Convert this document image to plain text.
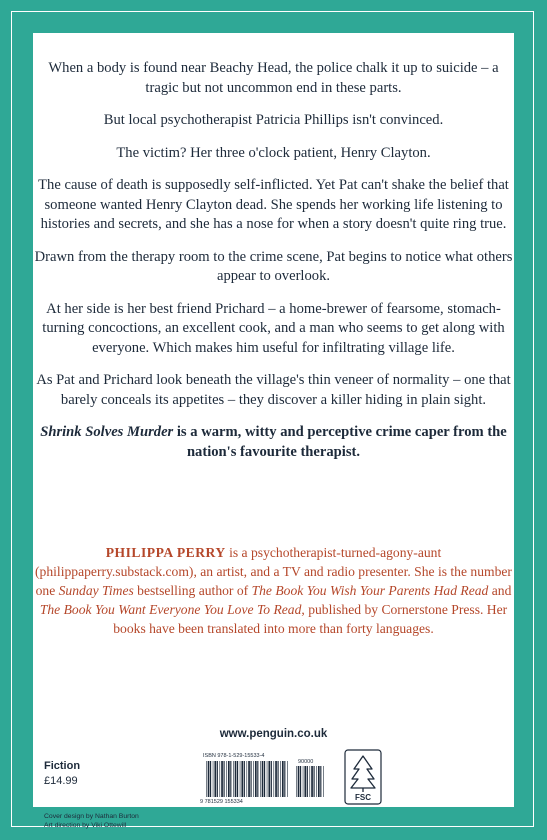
When a body is found near Beachy Head, the police chalk it up to suicide – a tragic but not uncommon end in these parts.

But local psychotherapist Patricia Phillips isn't convinced.

The victim? Her three o'clock patient, Henry Clayton.

The cause of death is supposedly self-inflicted. Yet Pat can't shake the belief that someone wanted Henry Clayton dead. She spends her working life listening to histories and secrets, and she has a nose for when a story doesn't quite ring true.

Drawn from the therapy room to the crime scene, Pat begins to notice what others appear to overlook.

At her side is her best friend Prichard – a home-brewer of fearsome, stomach-turning concoctions, an excellent cook, and a man who seems to get along with everyone. Which makes him useful for infiltrating village life.

As Pat and Prichard look beneath the village's thin veneer of normality – one that barely conceals its appetites – they discover a killer hiding in plain sight.

Shrink Solves Murder is a warm, witty and perceptive crime caper from the nation's favourite therapist.

PHILIPPA PERRY is a psychotherapist-turned-agony-aunt (philippaperry.substack.com), an artist, and a TV and radio presenter. She is the number one Sunday Times bestselling author of The Book You Wish Your Parents Had Read and The Book You Want Everyone You Love To Read, published by Cornerstone Press. Her books have been translated into more than forty languages.

www.penguin.co.uk
Fiction
£14.99
Cover design by Nathan Burton
Art direction by Viki Ottewill
ISBN 978-1-529-15533-4
9 781529 155334
90000
FSC
